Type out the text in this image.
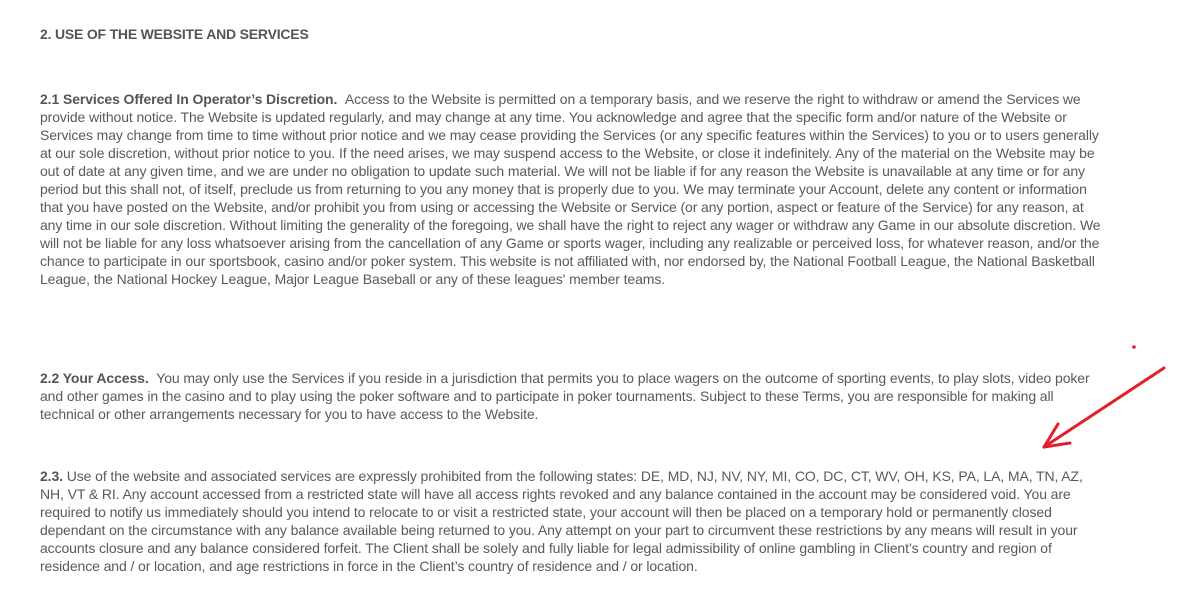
2. USE OF THE WEBSITE AND SERVICES

2.1 Services Offered In Operator’s Discretion. Access to the Website is permitted on a temporary basis, and we reserve the right to withdraw or amend the Services we provide without notice. The Website is updated regularly, and may change at any time. You acknowledge and agree that the specific form and/or nature of the Website or Services may change from time to time without prior notice and we may cease providing the Services (or any specific features within the Services) to you or to users generally at our sole discretion, without prior notice to you. If the need arises, we may suspend access to the Website, or close it indefinitely. Any of the material on the Website may be out of date at any given time, and we are under no obligation to update such material. We will not be liable if for any reason the Website is unavailable at any time or for any period but this shall not, of itself, preclude us from returning to you any money that is properly due to you. We may terminate your Account, delete any content or information that you have posted on the Website, and/or prohibit you from using or accessing the Website or Service (or any portion, aspect or feature of the Service) for any reason, at any time in our sole discretion. Without limiting the generality of the foregoing, we shall have the right to reject any wager or withdraw any Game in our absolute discretion. We will not be liable for any loss whatsoever arising from the cancellation of any Game or sports wager, including any realizable or perceived loss, for whatever reason, and/or the chance to participate in our sportsbook, casino and/or poker system. This website is not affiliated with, nor endorsed by, the National Football League, the National Basketball League, the National Hockey League, Major League Baseball or any of these leagues' member teams.

2.2 Your Access. You may only use the Services if you reside in a jurisdiction that permits you to place wagers on the outcome of sporting events, to play slots, video poker and other games in the casino and to play using the poker software and to participate in poker tournaments. Subject to these Terms, you are responsible for making all technical or other arrangements necessary for you to have access to the Website.

2.3. Use of the website and associated services are expressly prohibited from the following states: DE, MD, NJ, NV, NY, MI, CO, DC, CT, WV, OH, KS, PA, LA, MA, TN, AZ, NH, VT & RI. Any account accessed from a restricted state will have all access rights revoked and any balance contained in the account may be considered void. You are required to notify us immediately should you intend to relocate to or visit a restricted state, your account will then be placed on a temporary hold or permanently closed dependant on the circumstance with any balance available being returned to you. Any attempt on your part to circumvent these restrictions by any means will result in your accounts closure and any balance considered forfeit. The Client shall be solely and fully liable for legal admissibility of online gambling in Client’s country and region of residence and / or location, and age restrictions in force in the Client’s country of residence and / or location.
